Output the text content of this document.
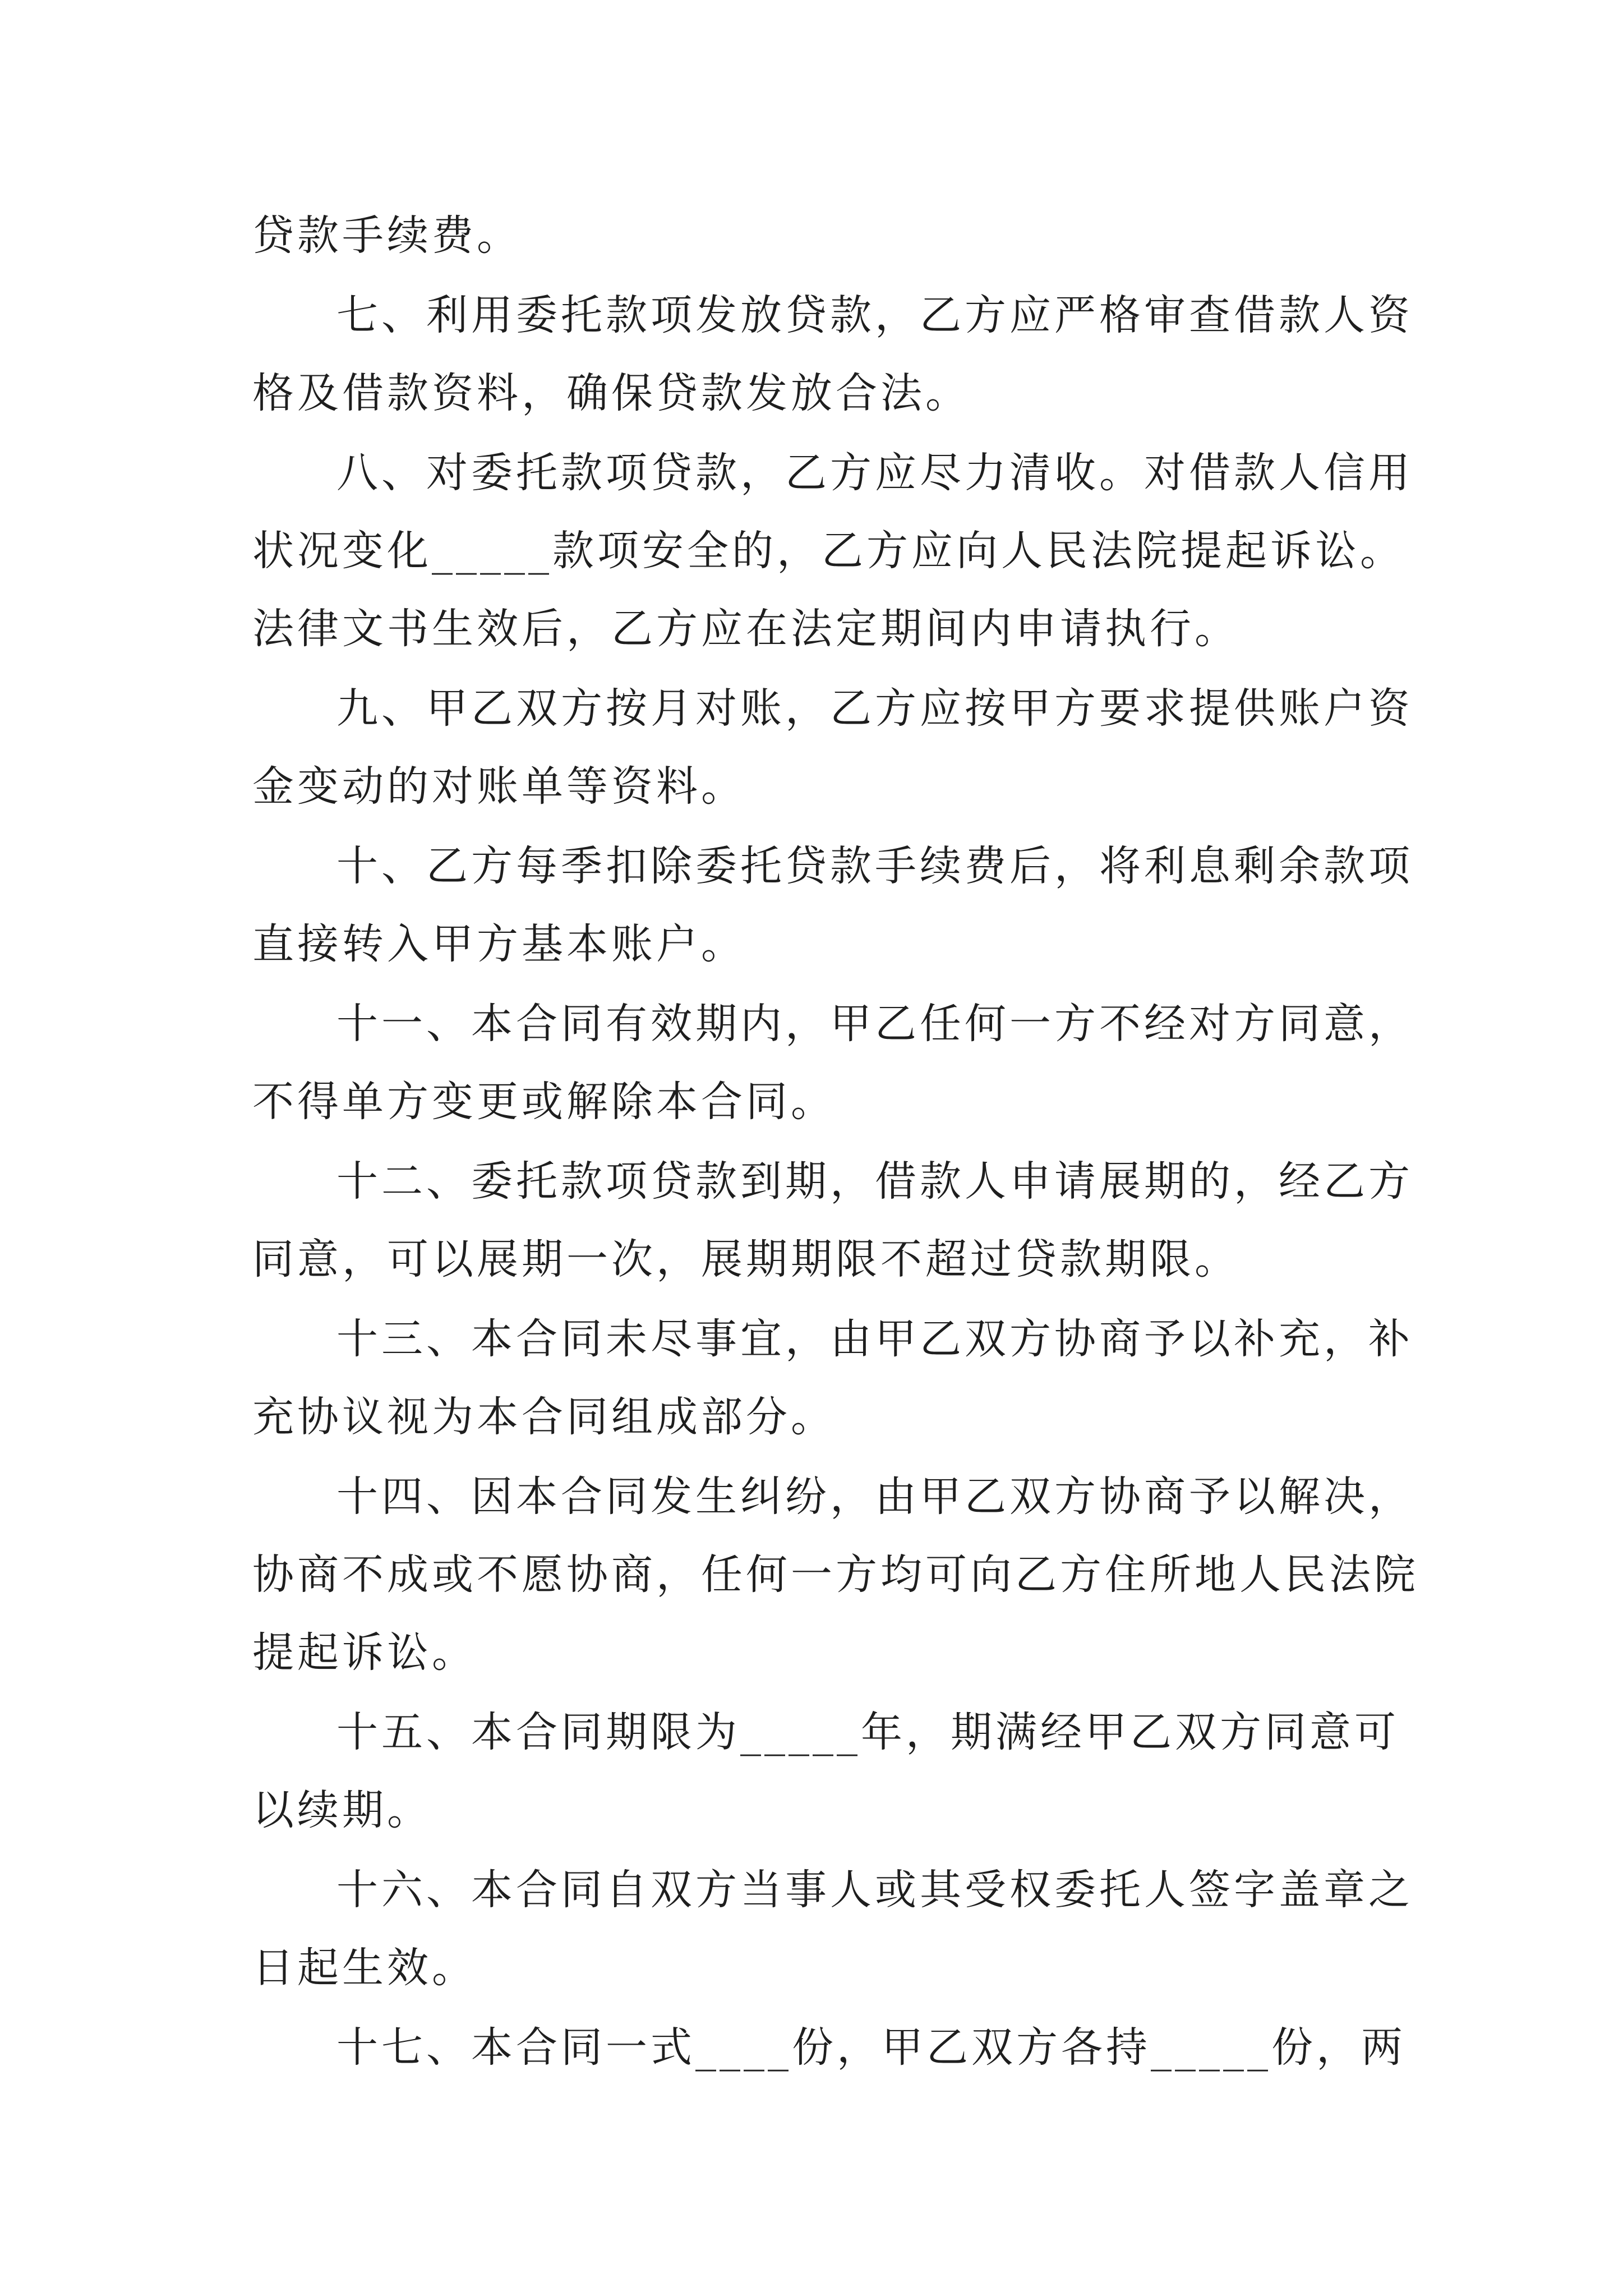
贷款手续费。

七、利用委托款项发放贷款，乙方应严格审查借款人资

格及借款资料，确保贷款发放合法。

八、对委托款项贷款，乙方应尽力清收。对借款人信用

状况变化_____款项安全的，乙方应向人民法院提起诉讼。

法律文书生效后，乙方应在法定期间内申请执行。

九、甲乙双方按月对账，乙方应按甲方要求提供账户资

金变动的对账单等资料。

十、乙方每季扣除委托贷款手续费后，将利息剩余款项

直接转入甲方基本账户。

十一、本合同有效期内，甲乙任何一方不经对方同意，

不得单方变更或解除本合同。

十二、委托款项贷款到期，借款人申请展期的，经乙方

同意，可以展期一次，展期期限不超过贷款期限。

十三、本合同未尽事宜，由甲乙双方协商予以补充，补

充协议视为本合同组成部分。

十四、因本合同发生纠纷，由甲乙双方协商予以解决，

协商不成或不愿协商，任何一方均可向乙方住所地人民法院

提起诉讼。

十五、本合同期限为_____年，期满经甲乙双方同意可

以续期。

十六、本合同自双方当事人或其受权委托人签字盖章之

日起生效。

十七、本合同一式____份，甲乙双方各持_____份，两
